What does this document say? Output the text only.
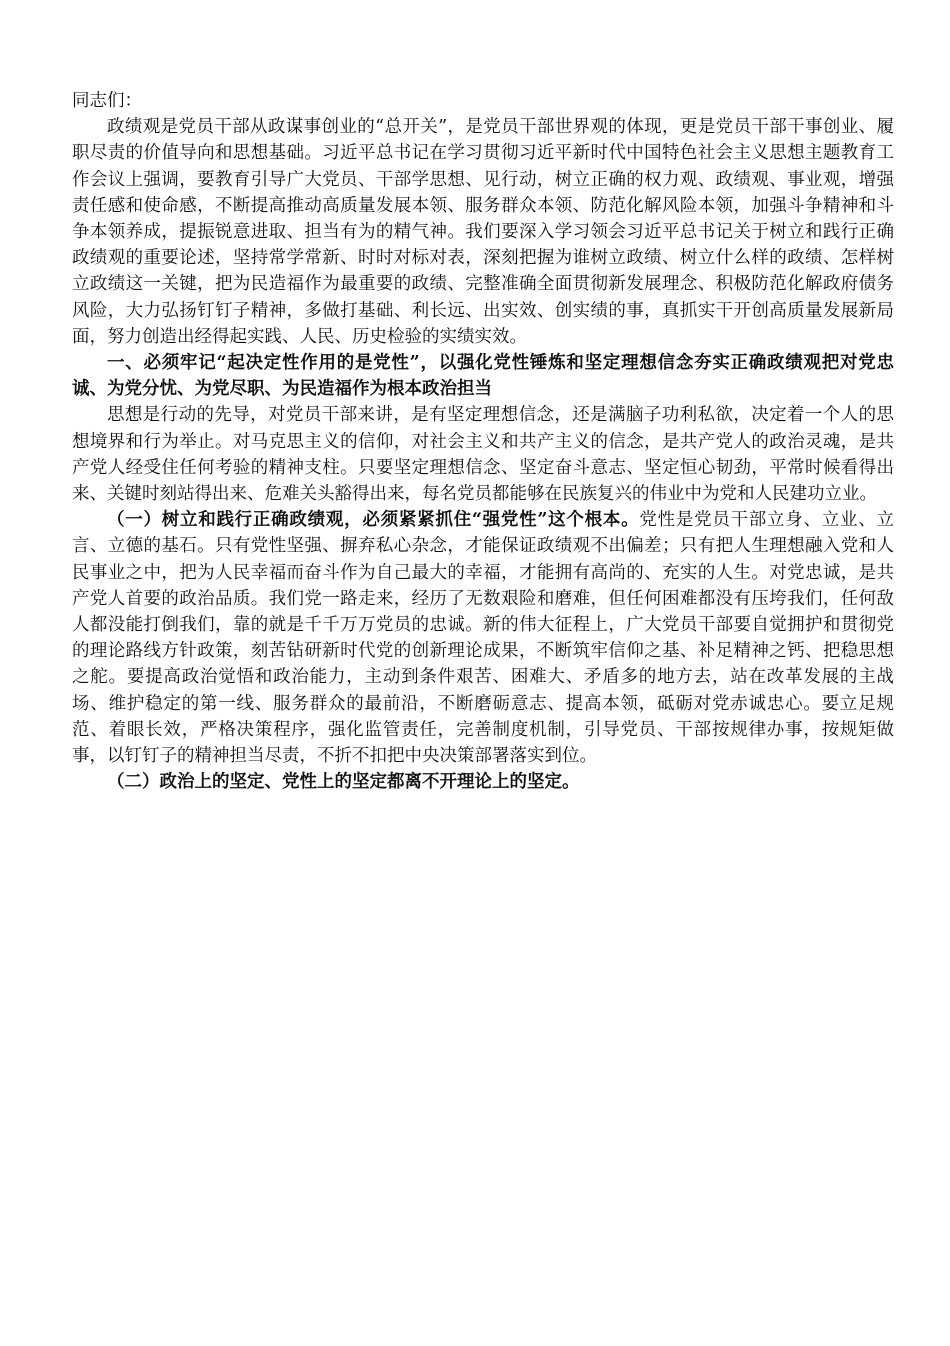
同志们：

政绩观是党员干部从政谋事创业的“总开关”，是党员干部世界观的体现，更是党员干部干事创业、履职尽责的价值导向和思想基础。习近平总书记在学习贯彻习近平新时代中国特色社会主义思想主题教育工作会议上强调，要教育引导广大党员、干部学思想、见行动，树立正确的权力观、政绩观、事业观，增强责任感和使命感，不断提高推动高质量发展本领、服务群众本领、防范化解风险本领，加强斗争精神和斗争本领养成，提振锐意进取、担当有为的精气神。我们要深入学习领会习近平总书记关于树立和践行正确政绩观的重要论述，坚持常学常新、时时对标对表，深刻把握为谁树立政绩、树立什么样的政绩、怎样树立政绩这一关键，把为民造福作为最重要的政绩、完整准确全面贯彻新发展理念、积极防范化解政府债务风险，大力弘扬钉钉子精神，多做打基础、利长远、出实效、创实绩的事，真抓实干开创高质量发展新局面，努力创造出经得起实践、人民、历史检验的实绩实效。

一、必须牢记“起决定性作用的是党性”，以强化党性锤炼和坚定理想信念夯实正确政绩观把对党忠诚、为党分忧、为党尽职、为民造福作为根本政治担当

思想是行动的先导，对党员干部来讲，是有坚定理想信念，还是满脑子功利私欲，决定着一个人的思想境界和行为举止。对马克思主义的信仰，对社会主义和共产主义的信念，是共产党人的政治灵魂，是共产党人经受住任何考验的精神支柱。只要坚定理想信念、坚定奋斗意志、坚定恒心韧劲，平常时候看得出来、关键时刻站得出来、危难关头豁得出来，每名党员都能够在民族复兴的伟业中为党和人民建功立业。

（一）树立和践行正确政绩观，必须紧紧抓住“强党性”这个根本。党性是党员干部立身、立业、立言、立德的基石。只有党性坚强、摒弃私心杂念，才能保证政绩观不出偏差；只有把人生理想融入党和人民事业之中，把为人民幸福而奋斗作为自己最大的幸福，才能拥有高尚的、充实的人生。对党忠诚，是共产党人首要的政治品质。我们党一路走来，经历了无数艰险和磨难，但任何困难都没有压垮我们，任何敌人都没能打倒我们，靠的就是千千万万党员的忠诚。新的伟大征程上，广大党员干部要自觉拥护和贯彻党的理论路线方针政策，刻苦钻研新时代党的创新理论成果，不断筑牢信仰之基、补足精神之钙、把稳思想之舵。要提高政治觉悟和政治能力，主动到条件艰苦、困难大、矛盾多的地方去，站在改革发展的主战场、维护稳定的第一线、服务群众的最前沿，不断磨砺意志、提高本领，砥砺对党赤诚忠心。要立足规范、着眼长效，严格决策程序，强化监管责任，完善制度机制，引导党员、干部按规律办事，按规矩做事，以钉钉子的精神担当尽责，不折不扣把中央决策部署落实到位。

（二）政治上的坚定、党性上的坚定都离不开理论上的坚定。
